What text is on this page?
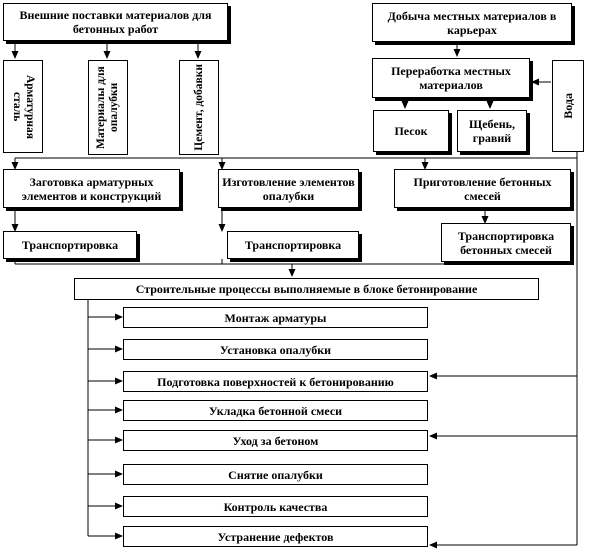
Внешние поставки материалов для бетонных работ
Добыча местных материалов в карьерах
Переработка местных материалов
Песок	Щебень, гравий
Вода
Арматурная сталь	Материалы для опалубки	Цемент, добавки
Заготовка арматурных элементов и конструкций
Изготовление элементов опалубки
Приготовление бетонных смесей
Транспортировка	Транспортировка
Транспортировка бетонных смесей
Строительные процессы выполняемые в блоке бетонирование
Монтаж арматуры
Установка опалубки
Подготовка поверхностей к бетонированию
Укладка бетонной смеси
Уход за бетоном
Снятие опалубки
Контроль качества
Устранение дефектов
